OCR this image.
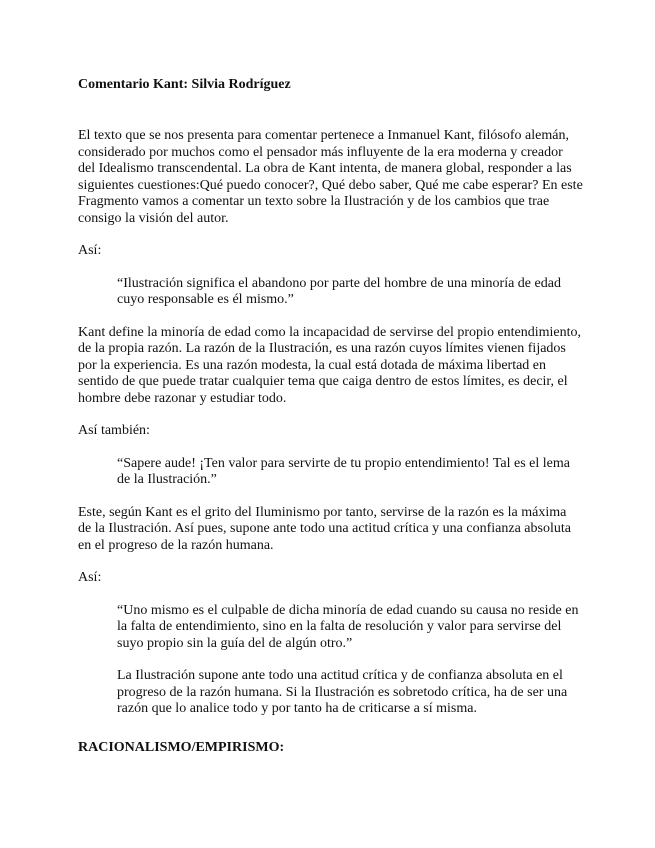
Comentario Kant: Silvia Rodríguez

El texto que se nos presenta para comentar pertenece a Inmanuel Kant, filósofo alemán, considerado por muchos como el pensador más influyente de la era moderna y creador del Idealismo transcendental. La obra de Kant intenta, de manera global, responder a las siguientes cuestiones:Qué puedo conocer?, Qué debo saber, Qué me cabe esperar? En este Fragmento vamos a comentar un texto sobre la Ilustración y de los cambios que trae consigo la visión del autor.

Así:

“Ilustración significa el abandono por parte del hombre de una minoría de edad cuyo responsable es él mismo.”

Kant define la minoría de edad como la incapacidad de servirse del propio entendimiento, de la propia razón. La razón de la Ilustración, es una razón cuyos límites vienen fijados por la experiencia. Es una razón modesta, la cual está dotada de máxima libertad en sentido de que puede tratar cualquier tema que caiga dentro de estos límites, es decir, el hombre debe razonar y estudiar todo.

Así también:

“Sapere aude! ¡Ten valor para servirte de tu propio entendimiento! Tal es el lema de la Ilustración.”

Este, según Kant es el grito del Iluminismo por tanto, servirse de la razón es la máxima de la Ilustración. Así pues, supone ante todo una actitud crítica y una confianza absoluta en el progreso de la razón humana.

Así:

“Uno mismo es el culpable de dicha minoría de edad cuando su causa no reside en la falta de entendimiento, sino en la falta de resolución y valor para servirse del suyo propio sin la guía del de algún otro.”

La Ilustración supone ante todo una actitud crítica y de confianza absoluta en el progreso de la razón humana. Si la Ilustración es sobretodo crítica, ha de ser una razón que lo analice todo y por tanto ha de criticarse a sí misma.

RACIONALISMO/EMPIRISMO:
